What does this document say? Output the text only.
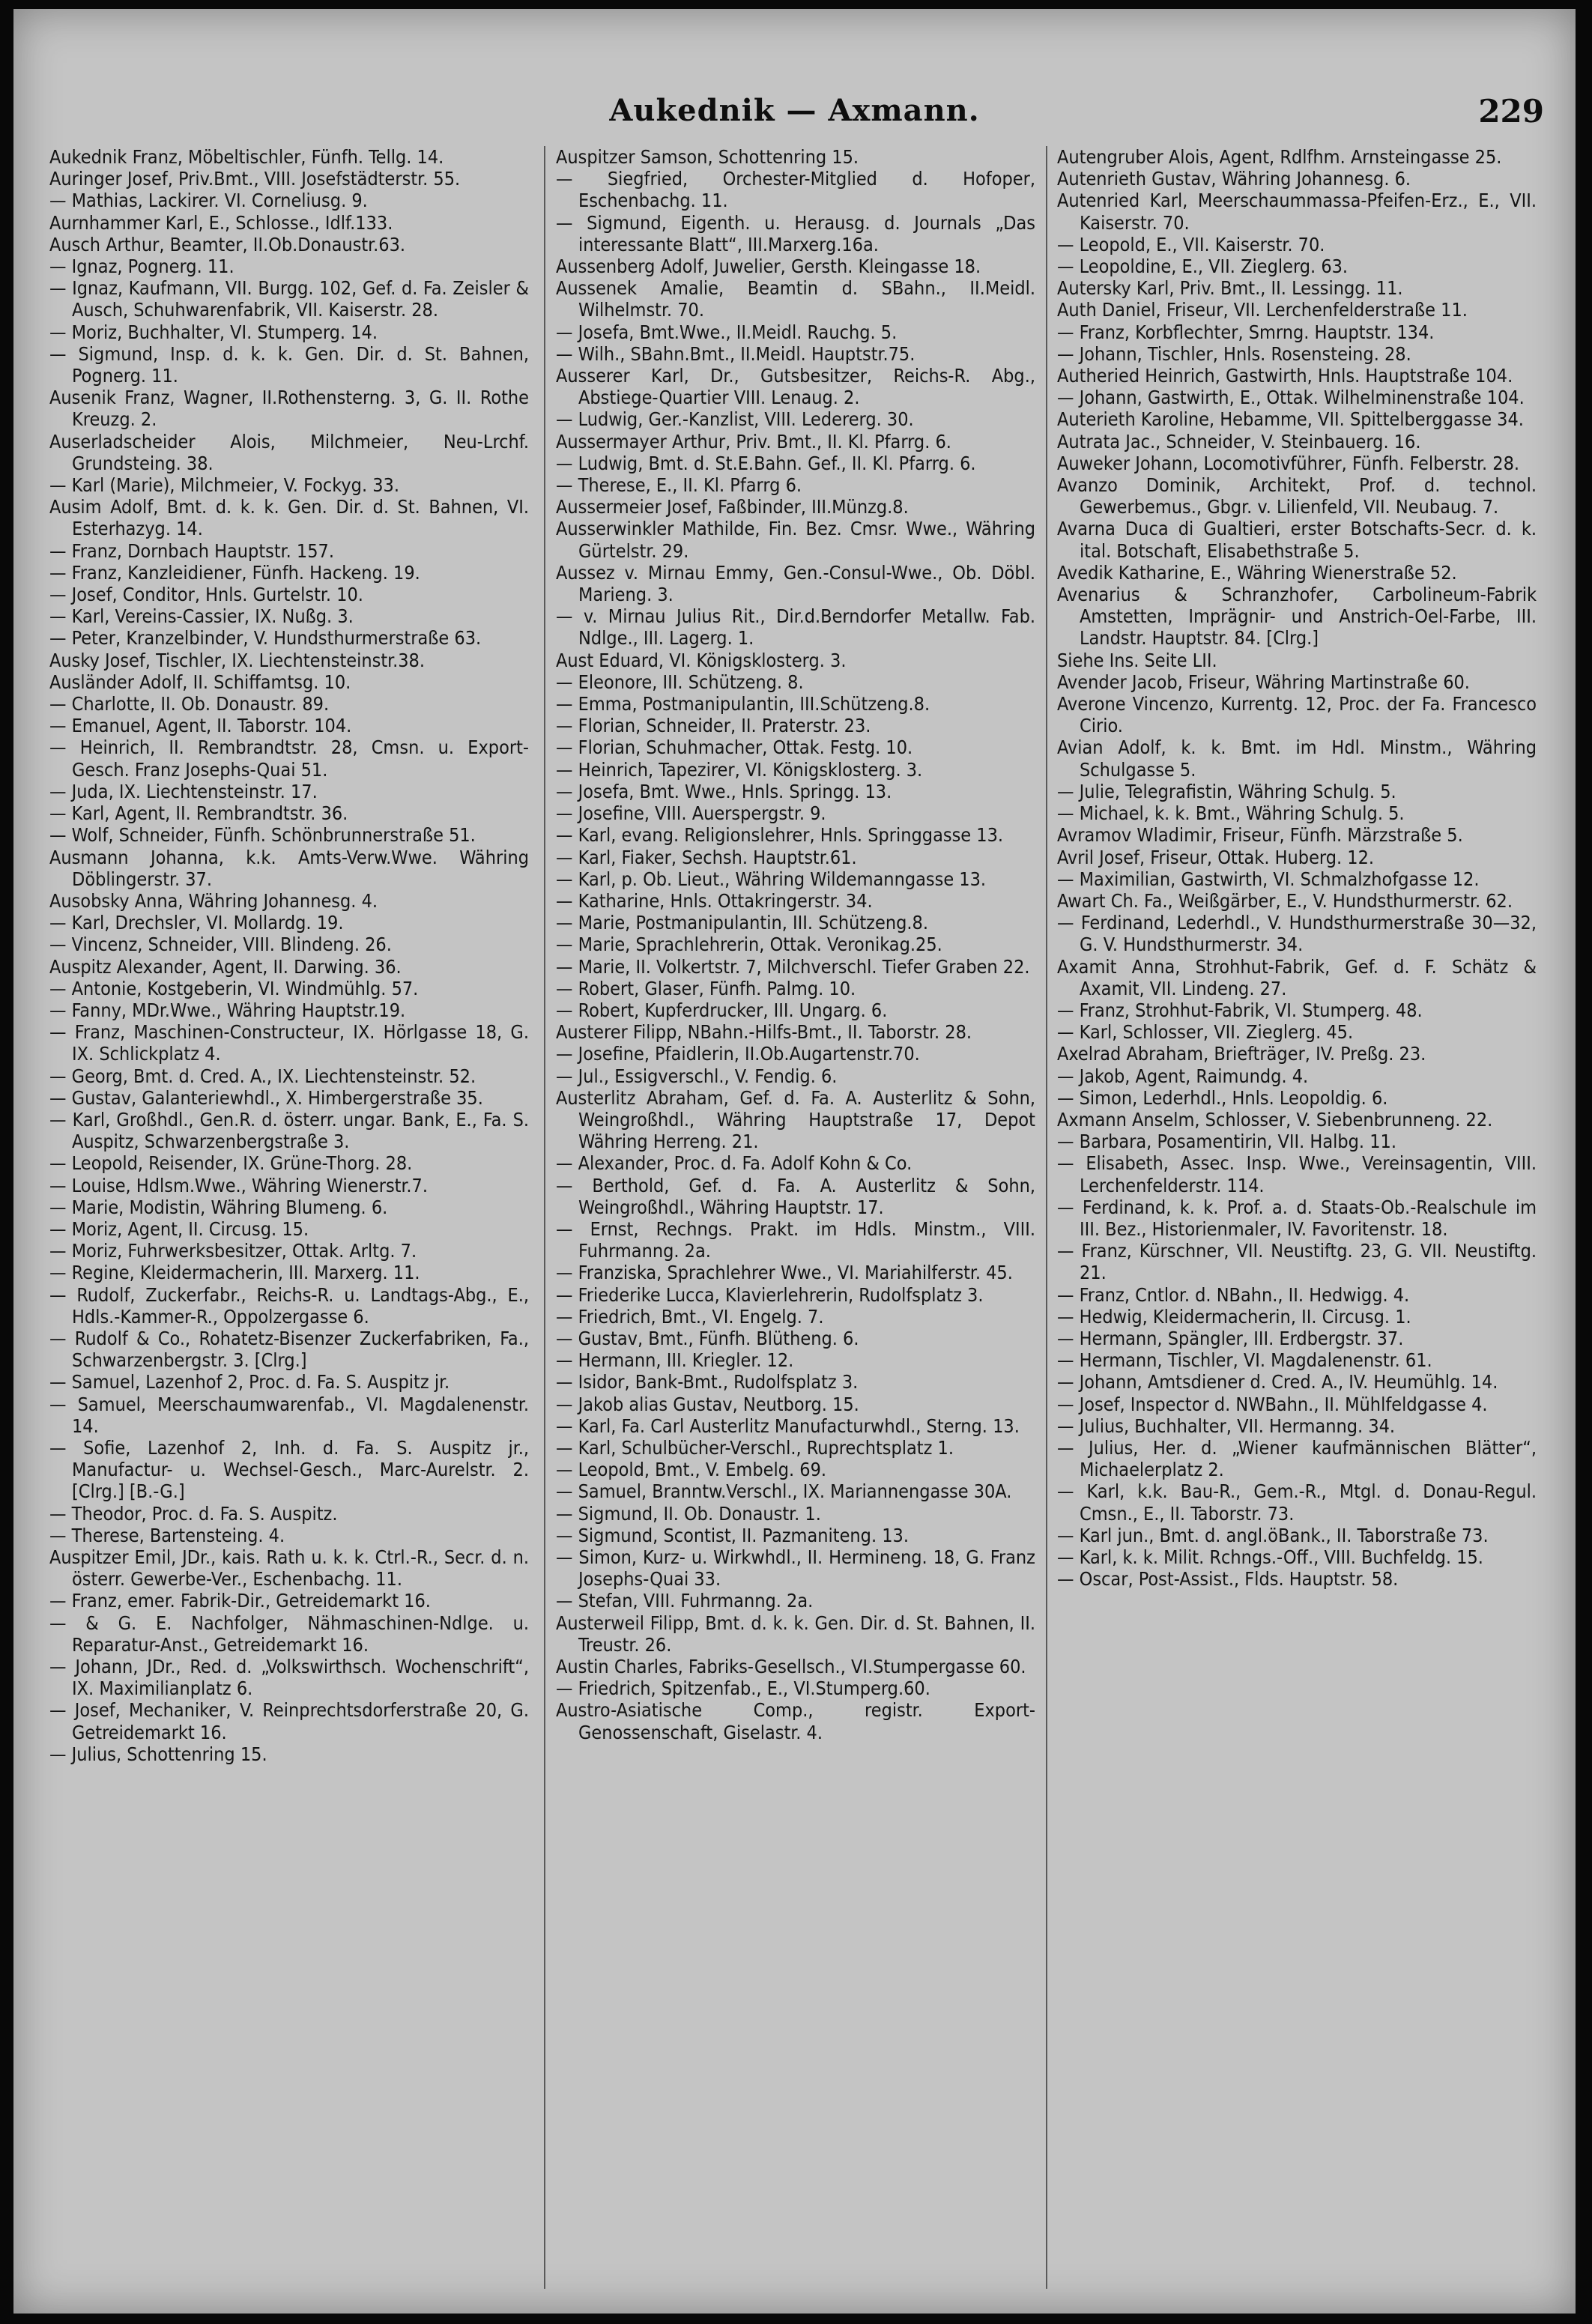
Aukednik — Axmann.	229

Aukednik Franz, Möbeltischler, Fünfh. Tellg. 14.

Auringer Josef, Priv.Bmt., VIII. Josefstädterstr. 55.

— Mathias, Lackirer. VI. Corneliusg. 9.

Aurnhammer Karl, E., Schlosse., Idlf.133.

Ausch Arthur, Beamter, II.Ob.Donaustr.63.

— Ignaz, Pognerg. 11.

— Ignaz, Kaufmann, VII. Burgg. 102, Gef. d. Fa. Zeisler & Ausch, Schuhwarenfabrik, VII. Kaiserstr. 28.

— Moriz, Buchhalter, VI. Stumperg. 14.

— Sigmund, Insp. d. k. k. Gen. Dir. d. St. Bahnen, Pognerg. 11.

Ausenik Franz, Wagner, II.Rothensterng. 3, G. II. Rothe Kreuzg. 2.

Auserladscheider Alois, Milchmeier, Neu-Lrchf. Grundsteing. 38.

— Karl (Marie), Milchmeier, V. Fockyg. 33.

Ausim Adolf, Bmt. d. k. k. Gen. Dir. d. St. Bahnen, VI. Esterhazyg. 14.

— Franz, Dornbach Hauptstr. 157.

— Franz, Kanzleidiener, Fünfh. Hackeng. 19.

— Josef, Conditor, Hnls. Gurtelstr. 10.

— Karl, Vereins-Cassier, IX. Nußg. 3.

— Peter, Kranzelbinder, V. Hundsthurmerstraße 63.

Ausky Josef, Tischler, IX. Liechtensteinstr.38.

Ausländer Adolf, II. Schiffamtsg. 10.

— Charlotte, II. Ob. Donaustr. 89.

— Emanuel, Agent, II. Taborstr. 104.

— Heinrich, II. Rembrandtstr. 28, Cmsn. u. Export-Gesch. Franz Josephs-Quai 51.

— Juda, IX. Liechtensteinstr. 17.

— Karl, Agent, II. Rembrandtstr. 36.

— Wolf, Schneider, Fünfh. Schönbrunnerstraße 51.

Ausmann Johanna, k.k. Amts-Verw.Wwe. Währing Döblingerstr. 37.

Ausobsky Anna, Währing Johannesg. 4.

— Karl, Drechsler, VI. Mollardg. 19.

— Vincenz, Schneider, VIII. Blindeng. 26.

Auspitz Alexander, Agent, II. Darwing. 36.

— Antonie, Kostgeberin, VI. Windmühlg. 57.

— Fanny, MDr.Wwe., Währing Hauptstr.19.

— Franz, Maschinen-Constructeur, IX. Hörlgasse 18, G. IX. Schlickplatz 4.

— Georg, Bmt. d. Cred. A., IX. Liechtensteinstr. 52.

— Gustav, Galanteriewhdl., X. Himbergerstraße 35.

— Karl, Großhdl., Gen.R. d. österr. ungar. Bank, E., Fa. S. Auspitz, Schwarzenbergstraße 3.

— Leopold, Reisender, IX. Grüne-Thorg. 28.

— Louise, Hdlsm.Wwe., Währing Wienerstr.7.

— Marie, Modistin, Währing Blumeng. 6.

— Moriz, Agent, II. Circusg. 15.

— Moriz, Fuhrwerksbesitzer, Ottak. Arltg. 7.

— Regine, Kleidermacherin, III. Marxerg. 11.

— Rudolf, Zuckerfabr., Reichs-R. u. Landtags-Abg., E., Hdls.-Kammer-R., Oppolzergasse 6.

— Rudolf & Co., Rohatetz-Bisenzer Zuckerfabriken, Fa., Schwarzenbergstr. 3. [Clrg.]

— Samuel, Lazenhof 2, Proc. d. Fa. S. Auspitz jr.

— Samuel, Meerschaumwarenfab., VI. Magdalenenstr. 14.

— Sofie, Lazenhof 2, Inh. d. Fa. S. Auspitz jr., Manufactur- u. Wechsel-Gesch., Marc-Aurelstr. 2. [Clrg.] [B.-G.]

— Theodor, Proc. d. Fa. S. Auspitz.

— Therese, Bartensteing. 4.

Auspitzer Emil, JDr., kais. Rath u. k. k. Ctrl.-R., Secr. d. n. österr. Gewerbe-Ver., Eschenbachg. 11.

— Franz, emer. Fabrik-Dir., Getreidemarkt 16.

— & G. E. Nachfolger, Nähmaschinen-Ndlge. u. Reparatur-Anst., Getreidemarkt 16.

— Johann, JDr., Red. d. „Volkswirthsch. Wochenschrift“, IX. Maximilianplatz 6.

— Josef, Mechaniker, V. Reinprechtsdorferstraße 20, G. Getreidemarkt 16.

— Julius, Schottenring 15.

Auspitzer Samson, Schottenring 15.

— Siegfried, Orchester-Mitglied d. Hofoper, Eschenbachg. 11.

— Sigmund, Eigenth. u. Herausg. d. Journals „Das interessante Blatt“, III.Marxerg.16a.

Aussenberg Adolf, Juwelier, Gersth. Kleingasse 18.

Aussenek Amalie, Beamtin d. SBahn., II.Meidl. Wilhelmstr. 70.

— Josefa, Bmt.Wwe., II.Meidl. Rauchg. 5.

— Wilh., SBahn.Bmt., II.Meidl. Hauptstr.75.

Ausserer Karl, Dr., Gutsbesitzer, Reichs-R. Abg., Abstiege-Quartier VIII. Lenaug. 2.

— Ludwig, Ger.-Kanzlist, VIII. Ledererg. 30.

Aussermayer Arthur, Priv. Bmt., II. Kl. Pfarrg. 6.

— Ludwig, Bmt. d. St.E.Bahn. Gef., II. Kl. Pfarrg. 6.

— Therese, E., II. Kl. Pfarrg 6.

Aussermeier Josef, Faßbinder, III.Münzg.8.

Ausserwinkler Mathilde, Fin. Bez. Cmsr. Wwe., Währing Gürtelstr. 29.

Aussez v. Mirnau Emmy, Gen.-Consul-Wwe., Ob. Döbl. Marieng. 3.

— v. Mirnau Julius Rit., Dir.d.Berndorfer Metallw. Fab. Ndlge., III. Lagerg. 1.

Aust Eduard, VI. Königsklosterg. 3.

— Eleonore, III. Schützeng. 8.

— Emma, Postmanipulantin, III.Schützeng.8.

— Florian, Schneider, II. Praterstr. 23.

— Florian, Schuhmacher, Ottak. Festg. 10.

— Heinrich, Tapezirer, VI. Königsklosterg. 3.

— Josefa, Bmt. Wwe., Hnls. Springg. 13.

— Josefine, VIII. Auerspergstr. 9.

— Karl, evang. Religionslehrer, Hnls. Springgasse 13.

— Karl, Fiaker, Sechsh. Hauptstr.61.

— Karl, p. Ob. Lieut., Währing Wildemanngasse 13.

— Katharine, Hnls. Ottakringerstr. 34.

— Marie, Postmanipulantin, III. Schützeng.8.

— Marie, Sprachlehrerin, Ottak. Veronikag.25.

— Marie, II. Volkertstr. 7, Milchverschl. Tiefer Graben 22.

— Robert, Glaser, Fünfh. Palmg. 10.

— Robert, Kupferdrucker, III. Ungarg. 6.

Austerer Filipp, NBahn.-Hilfs-Bmt., II. Taborstr. 28.

— Josefine, Pfaidlerin, II.Ob.Augartenstr.70.

— Jul., Essigverschl., V. Fendig. 6.

Austerlitz Abraham, Gef. d. Fa. A. Austerlitz & Sohn, Weingroßhdl., Währing Hauptstraße 17, Depot Währing Herreng. 21.

— Alexander, Proc. d. Fa. Adolf Kohn & Co.

— Berthold, Gef. d. Fa. A. Austerlitz & Sohn, Weingroßhdl., Währing Hauptstr. 17.

— Ernst, Rechngs. Prakt. im Hdls. Minstm., VIII. Fuhrmanng. 2a.

— Franziska, Sprachlehrer Wwe., VI. Mariahilferstr. 45.

— Friederike Lucca, Klavierlehrerin, Rudolfsplatz 3.

— Friedrich, Bmt., VI. Engelg. 7.

— Gustav, Bmt., Fünfh. Blütheng. 6.

— Hermann, III. Kriegler. 12.

— Isidor, Bank-Bmt., Rudolfsplatz 3.

— Jakob alias Gustav, Neutborg. 15.

— Karl, Fa. Carl Austerlitz Manufacturwhdl., Sterng. 13.

— Karl, Schulbücher-Verschl., Ruprechtsplatz 1.

— Leopold, Bmt., V. Embelg. 69.

— Samuel, Branntw.Verschl., IX. Mariannengasse 30A.

— Sigmund, II. Ob. Donaustr. 1.

— Sigmund, Scontist, II. Pazmaniteng. 13.

— Simon, Kurz- u. Wirkwhdl., II. Hermineng. 18, G. Franz Josephs-Quai 33.

— Stefan, VIII. Fuhrmanng. 2a.

Austerweil Filipp, Bmt. d. k. k. Gen. Dir. d. St. Bahnen, II. Treustr. 26.

Austin Charles, Fabriks-Gesellsch., VI.Stumpergasse 60.

— Friedrich, Spitzenfab., E., VI.Stumperg.60.

Austro-Asiatische Comp., registr. Export-Genossenschaft, Giselastr. 4.

Autengruber Alois, Agent, Rdlfhm. Arnsteingasse 25.

Autenrieth Gustav, Währing Johannesg. 6.

Autenried Karl, Meerschaummassa-Pfeifen-Erz., E., VII. Kaiserstr. 70.

— Leopold, E., VII. Kaiserstr. 70.

— Leopoldine, E., VII. Zieglerg. 63.

Autersky Karl, Priv. Bmt., II. Lessingg. 11.

Auth Daniel, Friseur, VII. Lerchenfelderstraße 11.

— Franz, Korbflechter, Smrng. Hauptstr. 134.

— Johann, Tischler, Hnls. Rosensteing. 28.

Autheried Heinrich, Gastwirth, Hnls. Hauptstraße 104.

— Johann, Gastwirth, E., Ottak. Wilhelminenstraße 104.

Auterieth Karoline, Hebamme, VII. Spittelberggasse 34.

Autrata Jac., Schneider, V. Steinbauerg. 16.

Auweker Johann, Locomotivführer, Fünfh. Felberstr. 28.

Avanzo Dominik, Architekt, Prof. d. technol. Gewerbemus., Gbgr. v. Lilienfeld, VII. Neubaug. 7.

Avarna Duca di Gualtieri, erster Botschafts-Secr. d. k. ital. Botschaft, Elisabethstraße 5.

Avedik Katharine, E., Währing Wienerstraße 52.

Avenarius & Schranzhofer, Carbolineum-Fabrik Amstetten, Imprägnir- und Anstrich-Oel-Farbe, III. Landstr. Hauptstr. 84. [Clrg.]

Siehe Ins. Seite LII.

Avender Jacob, Friseur, Währing Martinstraße 60.

Averone Vincenzo, Kurrentg. 12, Proc. der Fa. Francesco Cirio.

Avian Adolf, k. k. Bmt. im Hdl. Minstm., Währing Schulgasse 5.

— Julie, Telegrafistin, Währing Schulg. 5.

— Michael, k. k. Bmt., Währing Schulg. 5.

Avramov Wladimir, Friseur, Fünfh. Märzstraße 5.

Avril Josef, Friseur, Ottak. Huberg. 12.

— Maximilian, Gastwirth, VI. Schmalzhofgasse 12.

Awart Ch. Fa., Weißgärber, E., V. Hundsthurmerstr. 62.

— Ferdinand, Lederhdl., V. Hundsthurmerstraße 30—32, G. V. Hundsthurmerstr. 34.

Axamit Anna, Strohhut-Fabrik, Gef. d. F. Schätz & Axamit, VII. Lindeng. 27.

— Franz, Strohhut-Fabrik, VI. Stumperg. 48.

— Karl, Schlosser, VII. Zieglerg. 45.

Axelrad Abraham, Briefträger, IV. Preßg. 23.

— Jakob, Agent, Raimundg. 4.

— Simon, Lederhdl., Hnls. Leopoldig. 6.

Axmann Anselm, Schlosser, V. Siebenbrunneng. 22.

— Barbara, Posamentirin, VII. Halbg. 11.

— Elisabeth, Assec. Insp. Wwe., Vereinsagentin, VIII. Lerchenfelderstr. 114.

— Ferdinand, k. k. Prof. a. d. Staats-Ob.-Realschule im III. Bez., Historienmaler, IV. Favoritenstr. 18.

— Franz, Kürschner, VII. Neustiftg. 23, G. VII. Neustiftg. 21.

— Franz, Cntlor. d. NBahn., II. Hedwigg. 4.

— Hedwig, Kleidermacherin, II. Circusg. 1.

— Hermann, Spängler, III. Erdbergstr. 37.

— Hermann, Tischler, VI. Magdalenenstr. 61.

— Johann, Amtsdiener d. Cred. A., IV. Heumühlg. 14.

— Josef, Inspector d. NWBahn., II. Mühlfeldgasse 4.

— Julius, Buchhalter, VII. Hermanng. 34.

— Julius, Her. d. „Wiener kaufmännischen Blätter“, Michaelerplatz 2.

— Karl, k.k. Bau-R., Gem.-R., Mtgl. d. Donau-Regul. Cmsn., E., II. Taborstr. 73.

— Karl jun., Bmt. d. angl.öBank., II. Taborstraße 73.

— Karl, k. k. Milit. Rchngs.-Off., VIII. Buchfeldg. 15.

— Oscar, Post-Assist., Flds. Hauptstr. 58.
